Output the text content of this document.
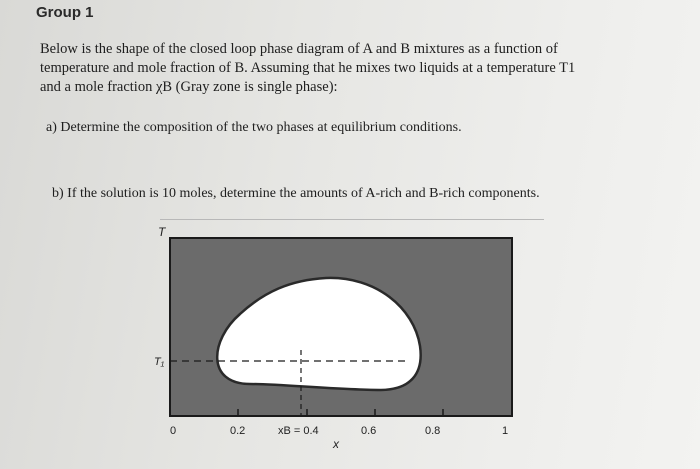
Group 1
Below is the shape of the closed loop phase diagram of A and B mixtures as a function of
temperature and mole fraction of B. Assuming that he mixes two liquids at a temperature T1
and a mole fraction χB (Gray zone is single phase):
a) Determine the composition of the two phases at equilibrium conditions.
b) If the solution is 10 moles, determine the amounts of A-rich and B-rich components.
T
T₁
0	0.2	xB = 0.4	0.6	0.8	1
x
